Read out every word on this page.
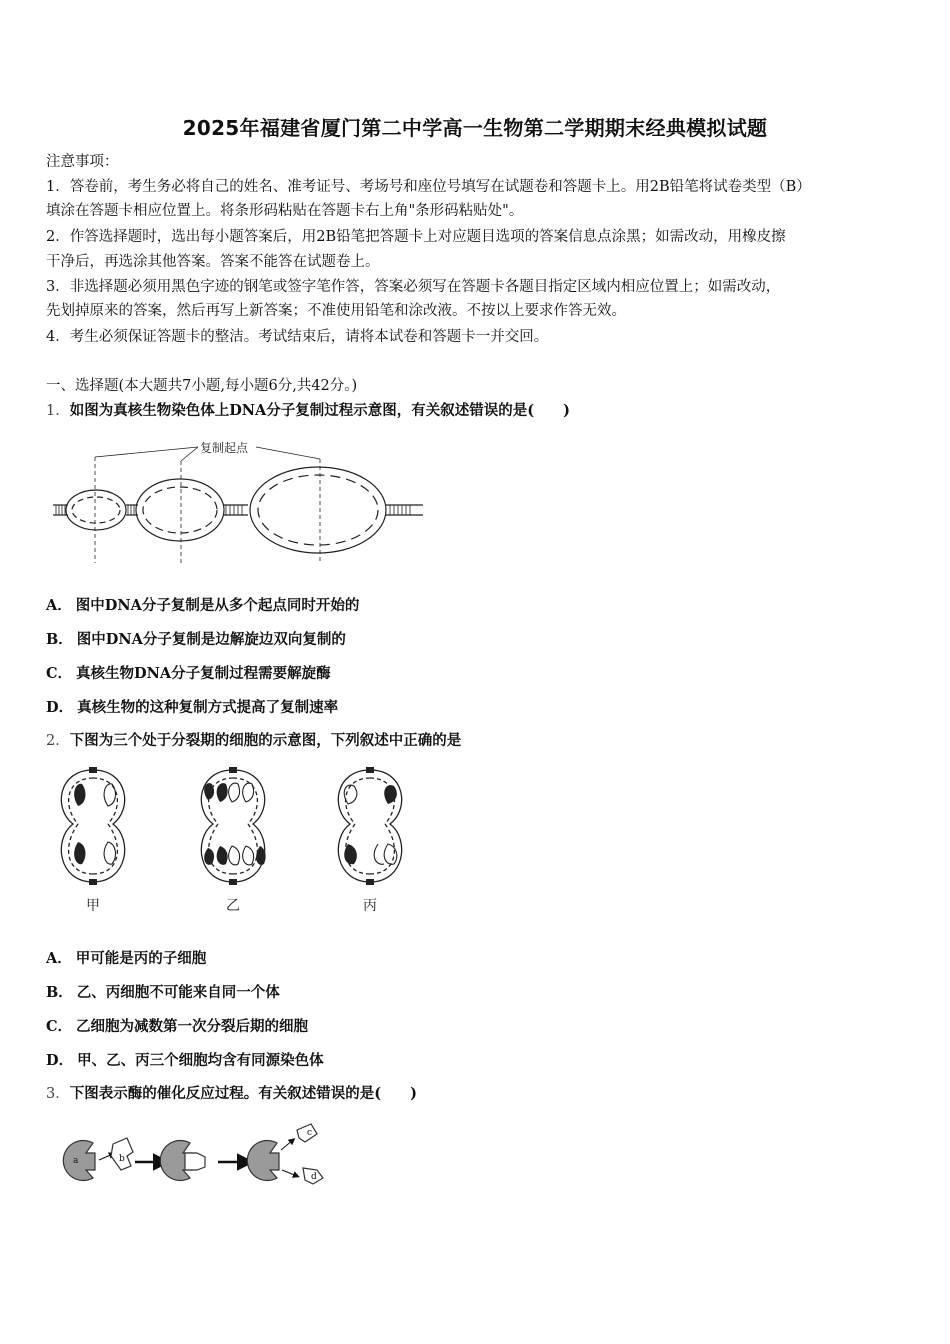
2025年福建省厦门第二中学高一生物第二学期期末经典模拟试题
注意事项：
1．答卷前，考生务必将自己的姓名、准考证号、考场号和座位号填写在试题卷和答题卡上。用2B铅笔将试卷类型（B）
填涂在答题卡相应位置上。将条形码粘贴在答题卡右上角"条形码粘贴处"。
2．作答选择题时，选出每小题答案后，用2B铅笔把答题卡上对应题目选项的答案信息点涂黑；如需改动，用橡皮擦
干净后，再选涂其他答案。答案不能答在试题卷上。
3．非选择题必须用黑色字迹的钢笔或签字笔作答，答案必须写在答题卡各题目指定区域内相应位置上；如需改动，
先划掉原来的答案，然后再写上新答案；不准使用铅笔和涂改液。不按以上要求作答无效。
4．考生必须保证答题卡的整洁。考试结束后，请将本试卷和答题卡一并交回。
一、选择题(本大题共7小题,每小题6分,共42分。)
1．如图为真核生物染色体上DNA分子复制过程示意图，有关叙述错误的是(　　)
复制起点
A． 图中DNA分子复制是从多个起点同时开始的
B． 图中DNA分子复制是边解旋边双向复制的
C． 真核生物DNA分子复制过程需要解旋酶
D． 真核生物的这种复制方式提高了复制速率
2．下图为三个处于分裂期的细胞的示意图，下列叙述中正确的是
甲	乙	丙
A． 甲可能是丙的子细胞
B． 乙、丙细胞不可能来自同一个体
C． 乙细胞为减数第一次分裂后期的细胞
D． 甲、乙、丙三个细胞均含有同源染色体
3．下图表示酶的催化反应过程。有关叙述错误的是(　　)
a	b
c
d
